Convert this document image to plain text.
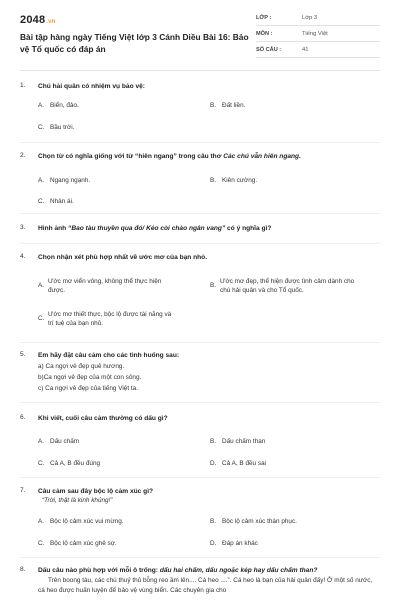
2048.vn
Bài tập hàng ngày Tiếng Việt lớp 3 Cánh Diều Bài 16: Bảo vệ Tổ quốc có đáp án
LỚP :	Lớp 3
MÔN :	Tiếng Việt
SỐ CÂU :	41
1. Chú hải quân có nhiệm vụ bảo vệ:
A. Biển, đảo.	B. Đất liền.
C. Bầu trời.
2. Chọn từ có nghĩa giống với từ “hiên ngang” trong câu thơ Các chú vẫn hiên ngang.
A. Ngang ngạnh.	B. Kiên cường.
C. Nhàn ái.
3. Hình ảnh “Bao tàu thuyền qua đó/ Kéo còi chào ngân vang” có ý nghĩa gì?
4. Chọn nhận xét phù hợp nhất về ước mơ của bạn nhỏ.
A.
Ước mơ viển vông, không thể thực hiện được.
B.
Ước mơ đẹp, thể hiện được tình cảm dành cho chú hải quân và cho Tổ quốc.
C.
Ước mơ thiết thực, bộc lộ được tài năng và trí tuệ của bạn nhỏ.
5. Em hãy đặt câu cảm cho các tình huống sau:
a) Ca ngợi vẻ đẹp quê hương.
b)Ca ngợi vẻ đẹp của một con sông.
c) Ca ngợi vẻ đẹp của tiếng Việt ta.
6. Khi viết, cuối câu cảm thường có dấu gì?
A. Dấu chấm	B. Dấu chấm than
C. Cả A, B đều đúng	D. Cả A, B đều sai
7. Câu cảm sau đây bộc lộ cảm xúc gì?
“Trời, thật là kinh khủng!”
A. Bộc lộ cảm xúc vui mừng.	B. Bộc lộ cảm xúc thán phục.
C. Bộc lộ cảm xúc ghê sợ.	D. Đáp án khác
8. Dấu câu nào phù hợp với mỗi ô trống: dấu hai chấm, dấu ngoặc kép hay dấu chấm than?
Trên boong tàu, các chú thuỷ thủ bỗng reo ầm lên.... Cá heo ....”. Cá heo là bạn của hải quân đấy! Ở một số nước, cá heo được huấn luyện để bảo vệ vùng biển. Các chuyên gia cho
